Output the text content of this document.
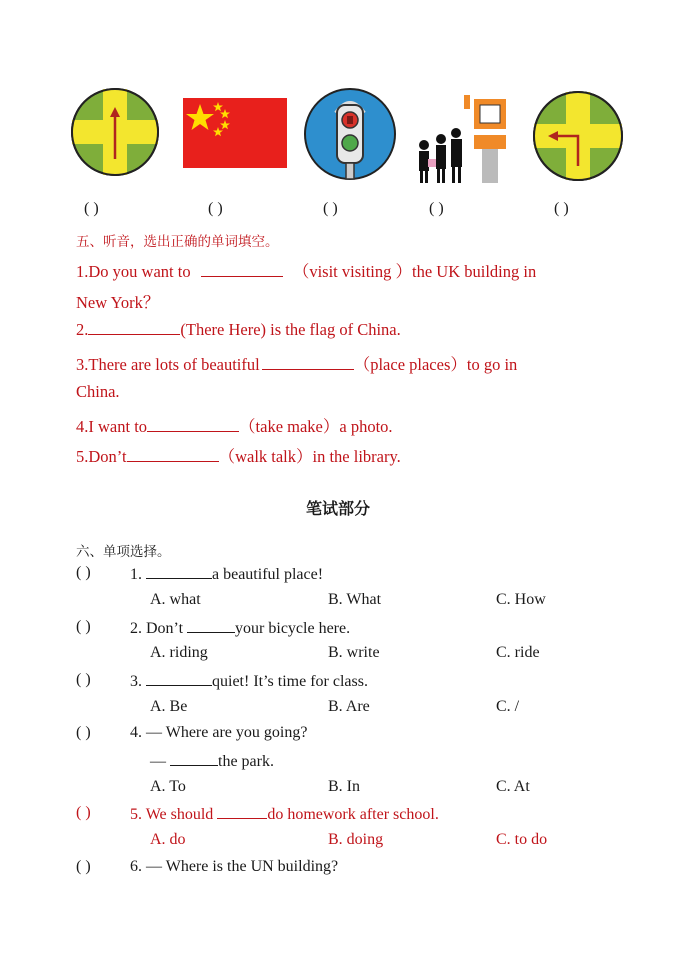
( )	( )	( )	( )	( )
五、听音，选出正确的单词填空。
1.Do you want to	（visit visiting ）the UK building in
New York？
2.	(There Here) is the flag of China.
3.There are lots of beautiful	（place places）to go in
China.
4.I want to	（take make）a photo.
5.Don’t	（walk talk）in the library.
笔试部分
六、单项选择。
( ) 1.	a beautiful place!
A. what	B. What	C. How
( ) 2. Don’t	your bicycle here.
A. riding	B. write	C. ride
( ) 3.	quiet! It’s time for class.
A. Be	B. Are	C. /
( ) 4. — Where are you going?
—	the park.
A. To	B. In	C. At
( ) 5. We should	do homework after school.
A. do	B. doing	C. to do
( ) 6. — Where is the UN building?
